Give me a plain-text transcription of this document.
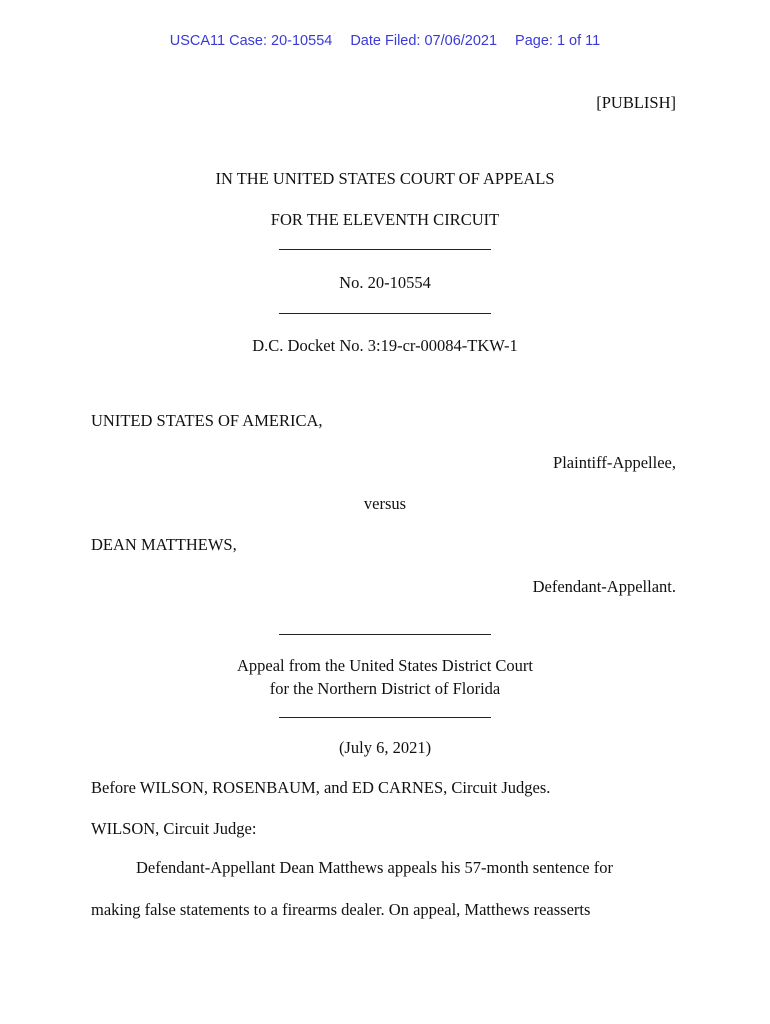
USCA11 Case: 20-10554 Date Filed: 07/06/2021 Page: 1 of 11
[PUBLISH]
IN THE UNITED STATES COURT OF APPEALS
FOR THE ELEVENTH CIRCUIT
No. 20-10554
D.C. Docket No. 3:19-cr-00084-TKW-1
UNITED STATES OF AMERICA,
Plaintiff-Appellee,
versus
DEAN MATTHEWS,
Defendant-Appellant.
Appeal from the United States District Court
for the Northern District of Florida
(July 6, 2021)
Before WILSON, ROSENBAUM, and ED CARNES, Circuit Judges.
WILSON, Circuit Judge:
Defendant-Appellant Dean Matthews appeals his 57-month sentence for
making false statements to a firearms dealer. On appeal, Matthews reasserts
